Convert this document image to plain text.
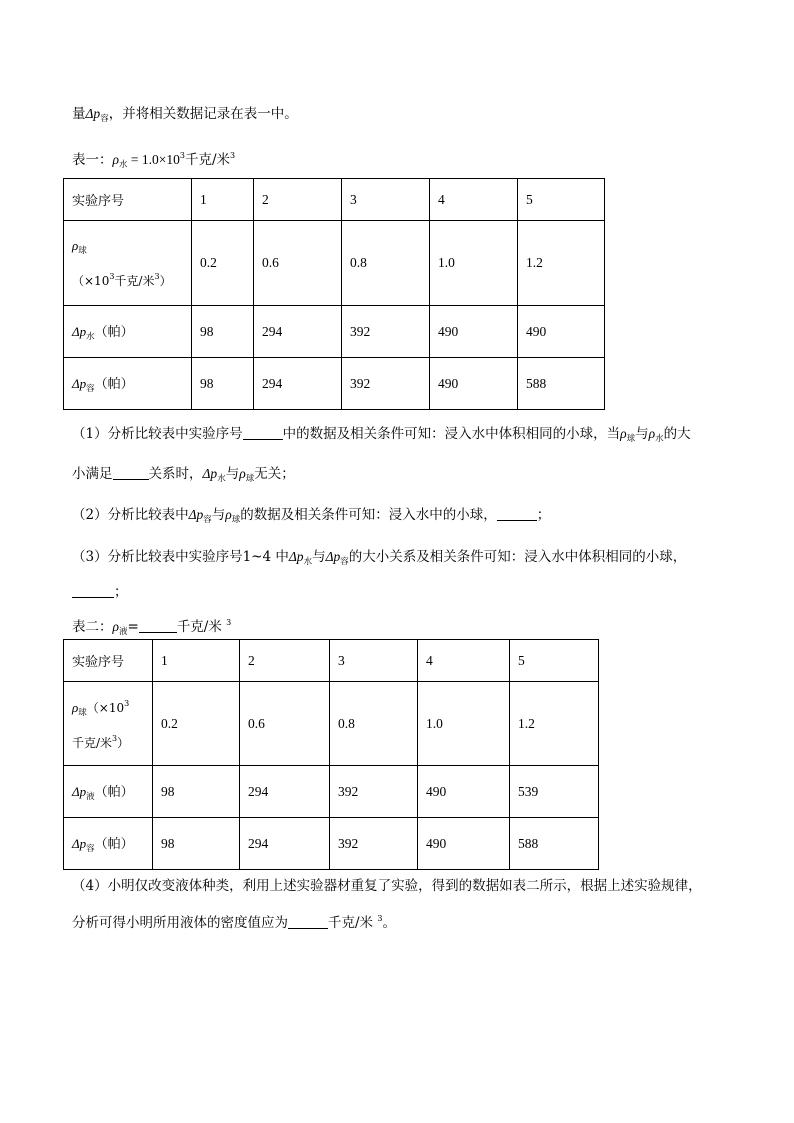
量$\Delta p_容$，并将相关数据记录在表一中。
表一：$\rho_水 = 1.0\times 10^3$千克/米$^3$
实验序号	1	2	3	4	5

$\rho_球$
（$\times 10^3$千克/米$^3$）	0.2	0.6	0.8	1.0	1.2
$\Delta p_水$（帕）	98	294	392	490	490
$\Delta p_容$（帕）	98	294	392	490	588
（1）分析比较表中实验序号	中的数据及相关条件可知：浸入水中体积相同的小球，当$\rho_球$与$\rho_水$的大
小满足	关系时，$\Delta p_水$与$\rho_球$无关；
（2）分析比较表中$\Delta p_容$与$\rho_球$的数据及相关条件可知：浸入水中的小球，	；
（3）分析比较表中实验序号1~4 中$\Delta p_水$与$\Delta p_容$的大小关系及相关条件可知：浸入水中体积相同的小球，
；
表二：$\rho_液=$	千克/米 $^3$
实验序号	1	2	3	4	5

$\rho_球(\times 10^3$
千克/米$^3$）	0.2	0.6	0.8	1.0	1.2
$\Delta p_液$（帕）	98	294	392	490	539
$\Delta p_容$（帕）	98	294	392	490	588
（4）小明仅改变液体种类，利用上述实验器材重复了实验，得到的数据如表二所示，根据上述实验规律，
分析可得小明所用液体的密度值应为	千克/米 $^3$。
